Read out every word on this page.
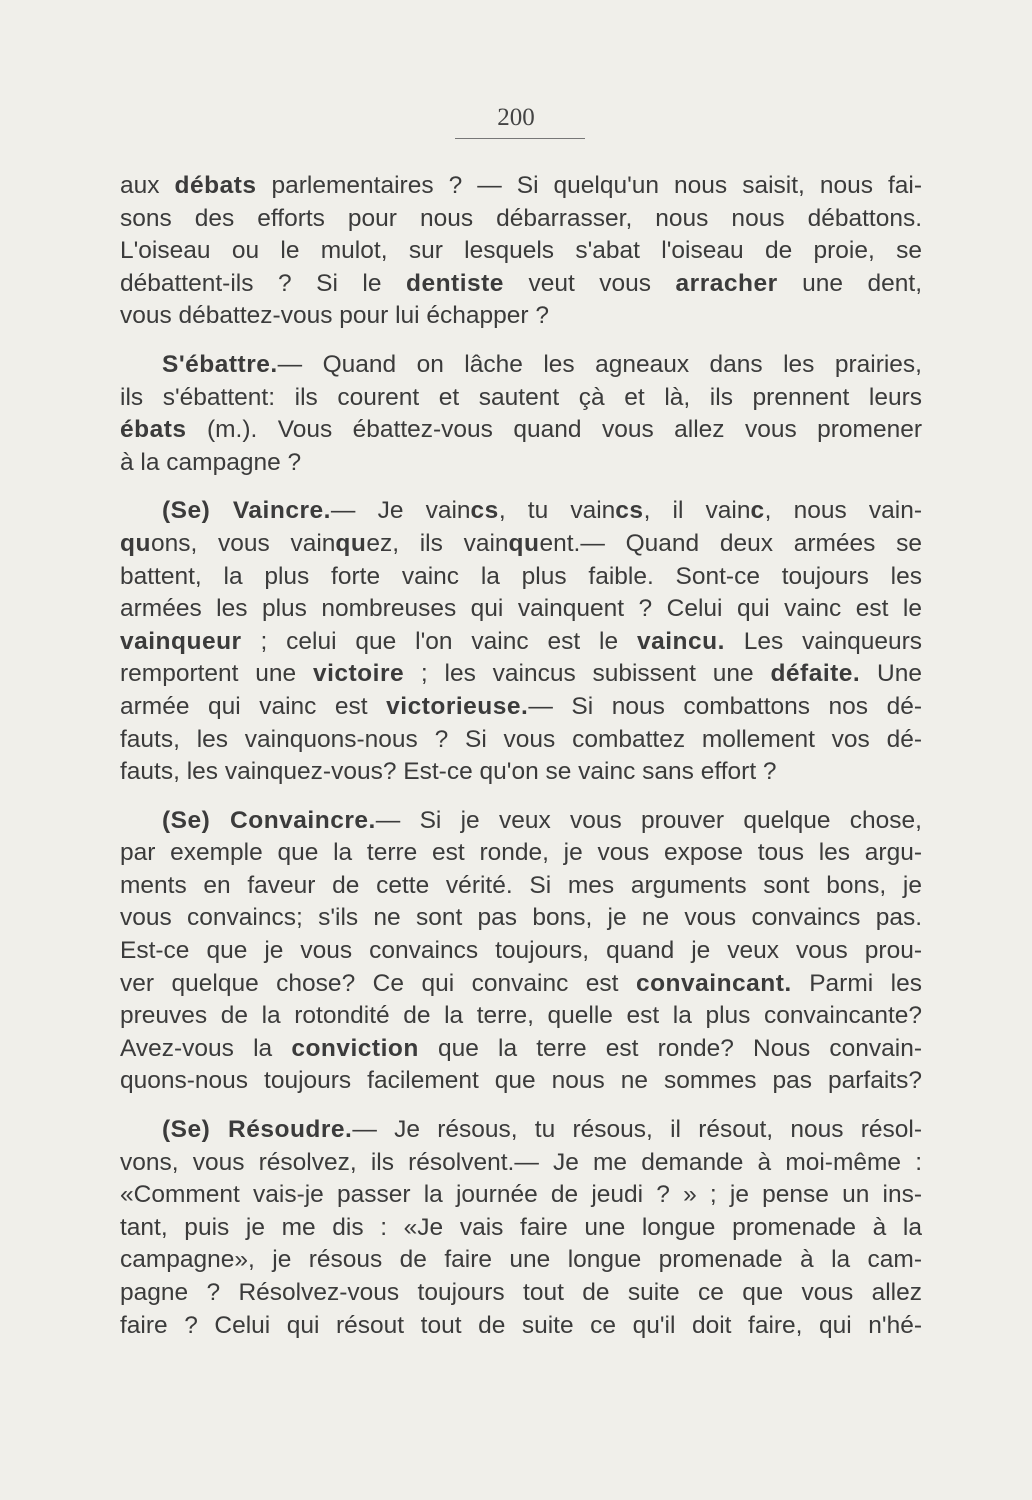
200
aux débats parlementaires ? — Si quelqu'un nous saisit, nous fai-
sons des efforts pour nous débarrasser, nous nous débattons.
L'oiseau ou le mulot, sur lesquels s'abat l'oiseau de proie, se
débattent-ils ? Si le dentiste veut vous arracher une dent,
vous débattez-vous pour lui échapper ?
S'ébattre.— Quand on lâche les agneaux dans les prairies,
ils s'ébattent: ils courent et sautent çà et là, ils prennent leurs
ébats (m.). Vous ébattez-vous quand vous allez vous promener
à la campagne ?
(Se) Vaincre.— Je vaincs, tu vaincs, il vainc, nous vain-
quons, vous vainquez, ils vainquent.— Quand deux armées se
battent, la plus forte vainc la plus faible. Sont-ce toujours les
armées les plus nombreuses qui vainquent ? Celui qui vainc est le
vainqueur ; celui que l'on vainc est le vaincu. Les vainqueurs
remportent une victoire ; les vaincus subissent une défaite. Une
armée qui vainc est victorieuse.— Si nous combattons nos dé-
fauts, les vainquons-nous ? Si vous combattez mollement vos dé-
fauts, les vainquez-vous? Est-ce qu'on se vainc sans effort ?
(Se) Convaincre.— Si je veux vous prouver quelque chose,
par exemple que la terre est ronde, je vous expose tous les argu-
ments en faveur de cette vérité. Si mes arguments sont bons, je
vous convaincs; s'ils ne sont pas bons, je ne vous convaincs pas.
Est-ce que je vous convaincs toujours, quand je veux vous prou-
ver quelque chose? Ce qui convainc est convaincant. Parmi les
preuves de la rotondité de la terre, quelle est la plus convaincante?
Avez-vous la conviction que la terre est ronde? Nous convain-
quons-nous toujours facilement que nous ne sommes pas parfaits?
(Se) Résoudre.— Je résous, tu résous, il résout, nous résol-
vons, vous résolvez, ils résolvent.— Je me demande à moi-même :
«Comment vais-je passer la journée de jeudi ? » ; je pense un ins-
tant, puis je me dis : «Je vais faire une longue promenade à la
campagne», je résous de faire une longue promenade à la cam-
pagne ? Résolvez-vous toujours tout de suite ce que vous allez
faire ? Celui qui résout tout de suite ce qu'il doit faire, qui n'hé-
